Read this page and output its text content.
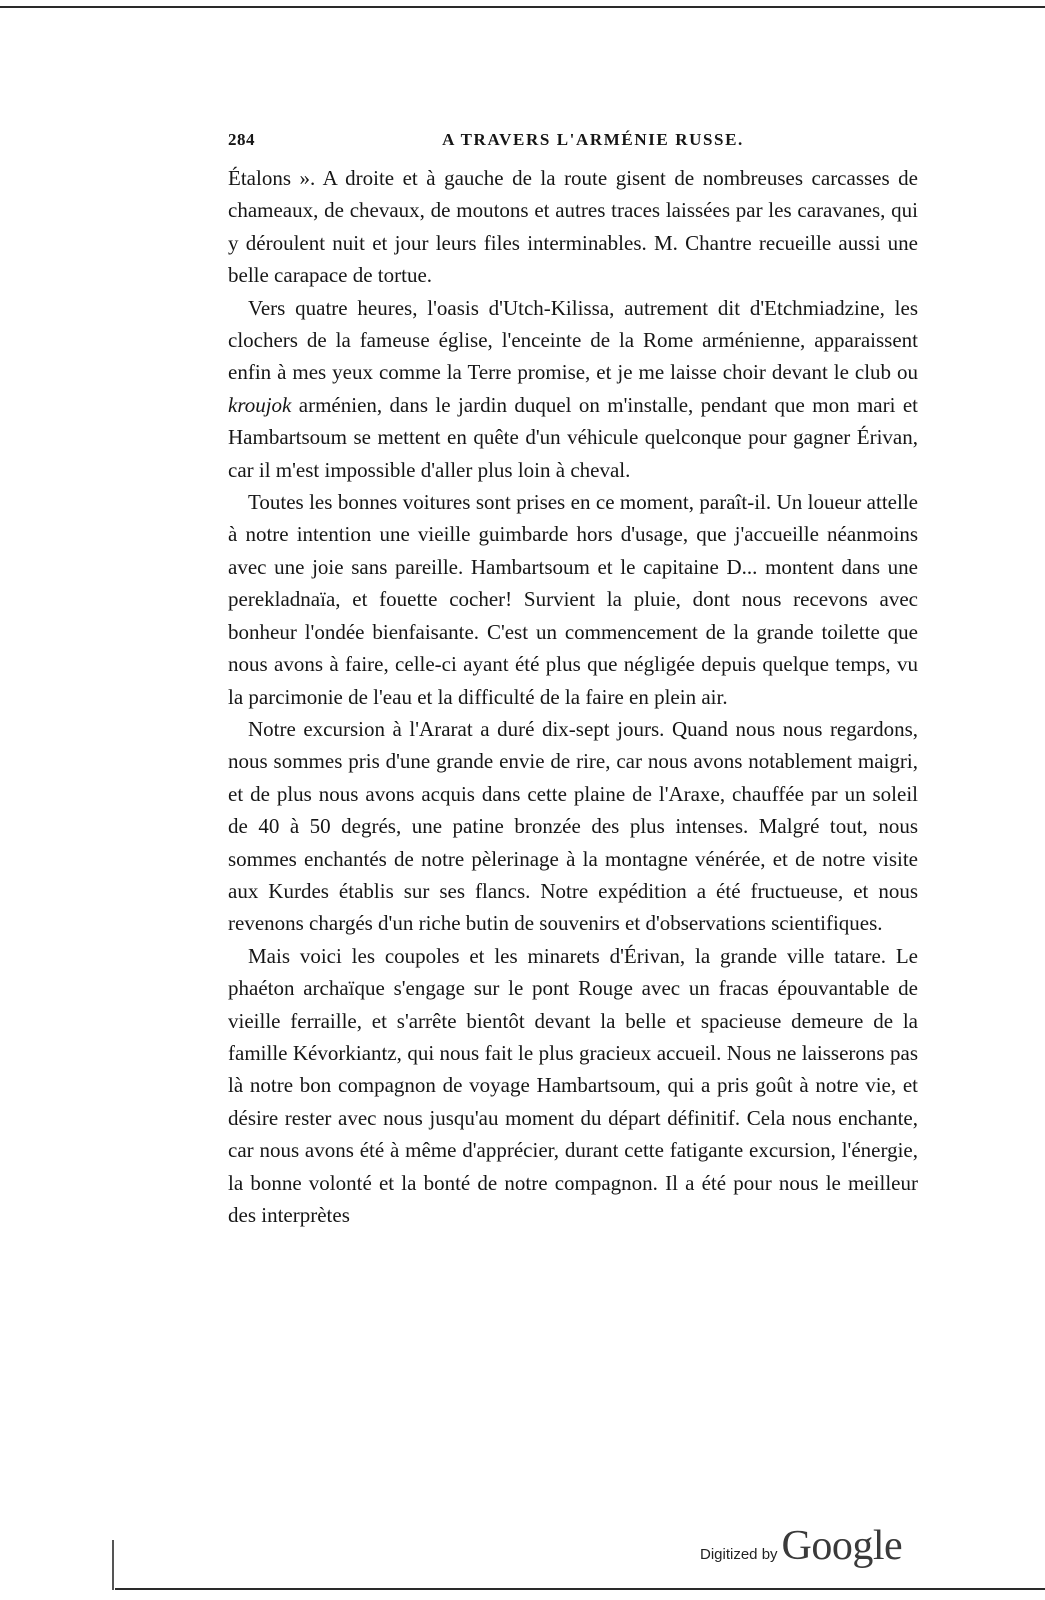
284	A TRAVERS L'ARMÉNIE RUSSE.

Étalons ». A droite et à gauche de la route gisent de nombreuses carcasses de chameaux, de chevaux, de moutons et autres traces laissées par les caravanes, qui y déroulent nuit et jour leurs files interminables. M. Chantre recueille aussi une belle carapace de tortue.

Vers quatre heures, l'oasis d'Utch-Kilissa, autrement dit d'Etchmiadzine, les clochers de la fameuse église, l'enceinte de la Rome arménienne, apparaissent enfin à mes yeux comme la Terre promise, et je me laisse choir devant le club ou kroujok arménien, dans le jardin duquel on m'installe, pendant que mon mari et Hambartsoum se mettent en quête d'un véhicule quelconque pour gagner Érivan, car il m'est impossible d'aller plus loin à cheval.

Toutes les bonnes voitures sont prises en ce moment, paraît-il. Un loueur attelle à notre intention une vieille guimbarde hors d'usage, que j'accueille néanmoins avec une joie sans pareille. Hambartsoum et le capitaine D... montent dans une perekladnaïa, et fouette cocher! Survient la pluie, dont nous recevons avec bonheur l'ondée bienfaisante. C'est un commencement de la grande toilette que nous avons à faire, celle-ci ayant été plus que négligée depuis quelque temps, vu la parcimonie de l'eau et la difficulté de la faire en plein air.

Notre excursion à l'Ararat a duré dix-sept jours. Quand nous nous regardons, nous sommes pris d'une grande envie de rire, car nous avons notablement maigri, et de plus nous avons acquis dans cette plaine de l'Araxe, chauffée par un soleil de 40 à 50 degrés, une patine bronzée des plus intenses. Malgré tout, nous sommes enchantés de notre pèlerinage à la montagne vénérée, et de notre visite aux Kurdes établis sur ses flancs. Notre expédition a été fructueuse, et nous revenons chargés d'un riche butin de souvenirs et d'observations scientifiques.

Mais voici les coupoles et les minarets d'Érivan, la grande ville tatare. Le phaéton archaïque s'engage sur le pont Rouge avec un fracas épouvantable de vieille ferraille, et s'arrête bientôt devant la belle et spacieuse demeure de la famille Kévorkiantz, qui nous fait le plus gracieux accueil. Nous ne laisserons pas là notre bon compagnon de voyage Hambartsoum, qui a pris goût à notre vie, et désire rester avec nous jusqu'au moment du départ définitif. Cela nous enchante, car nous avons été à même d'apprécier, durant cette fatigante excursion, l'énergie, la bonne volonté et la bonté de notre compagnon. Il a été pour nous le meilleur des interprètes

Digitized by Google
